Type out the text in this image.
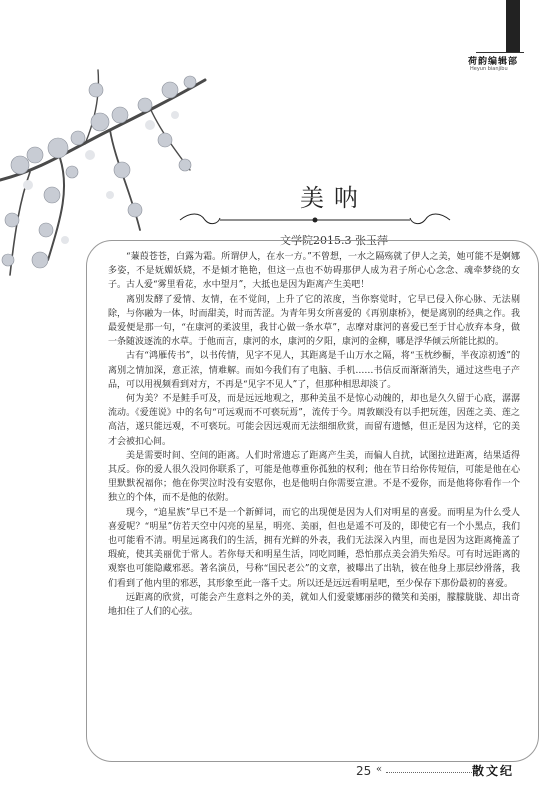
荷韵编辑部
Heyun bianjibu
美呐
文学院2015.3 张玉萍

“蒹葭苍苍，白露为霜。所谓伊人，在水一方。”不曾想，一水之隔殇就了伊人之美，她可能不是婀娜多姿，不是妩媚妖娆，不是倾才艳艳，但这一点也不妨碍那伊人成为君子所心心念念、魂牵梦绕的女子。古人爱“雾里看花，水中望月”，大抵也是因为距离产生美吧！

离别发酵了爱情、友情，在不觉间，上升了它的浓度，当你察觉时，它早已侵入你心脉、无法剔除，与你融为一体，时而甜美，时而苦涩。为青年男女所喜爱的《再别康桥》，便是离别的经典之作。我最爱便是那一句，“在康河的柔波里，我甘心做一条水草”，志摩对康河的喜爱已至于甘心放弃本身，做一条随波逐流的水草。于他而言，康河的水，康河的夕阳，康河的金柳，哪是浮华倾云所能比拟的。

古有“鸿雁传书”，以书传情，见字不见人，其距离是千山万水之隔，将“玉枕纱橱，半夜凉初透”的离别之情加深，意正浓，情难解。而如今我们有了电脑、手机……书信反而渐渐消失，通过这些电子产品，可以用视频看到对方，不再是“见字不见人”了，但那种相思却淡了。

何为美？不是鲑手可及，而是远远地观之，那种美虽不是惊心动魄的，却也是久久留于心底，潺潺流动。《爱莲说》中的名句“可远观而不可亵玩焉”，流传于今。周敦颐没有以手把玩莲，因莲之美、莲之高洁，遂只能远观，不可亵玩。可能会因远观而无法细细欣赏，而留有遗憾，但正是因为这样，它的美才会被扣心间。

美是需要时间、空间的距离。人们时常遗忘了距离产生美，而偏人自扰，试图拉进距离，结果适得其反。你的爱人很久没同你联系了，可能是他尊重你孤独的权利；他在节日给你传短信，可能是他在心里默默祝福你；他在你哭泣时没有安慰你，也是他明白你需要宣泄。不是不爱你，而是他将你看作一个独立的个体，而不是他的依附。

现今，“追星族”早已不是一个新鲜词，而它的出现便是因为人们对明星的喜爱。而明星为什么受人喜爱呢？“明星”仿若天空中闪亮的星星，明亮、美丽，但也是遥不可及的，即使它有一个小黑点，我们也可能看不清。明星远离我们的生活，拥有光鲜的外表，我们无法深入内里，而也是因为这距离掩盖了瑕疵，使其美丽优于常人。若你每天和明星生活，同吃同睡，恐怕那点美会消失殆尽。可有时远距离的观察也可能隐藏邪恶。著名演员，号称“国民老公”的文章，被曝出了出轨，彼在他身上那层纱滑落，我们看到了他内里的邪恶，其形象至此一落千丈。所以还是远远看明星吧，至少保存下那份最初的喜爱。

远距离的欣赏，可能会产生意料之外的美，就如人们爱蒙娜丽莎的微笑和美丽，朦朦胧胧、却出奇地扣住了人们的心弦。

25 «	散文纪
